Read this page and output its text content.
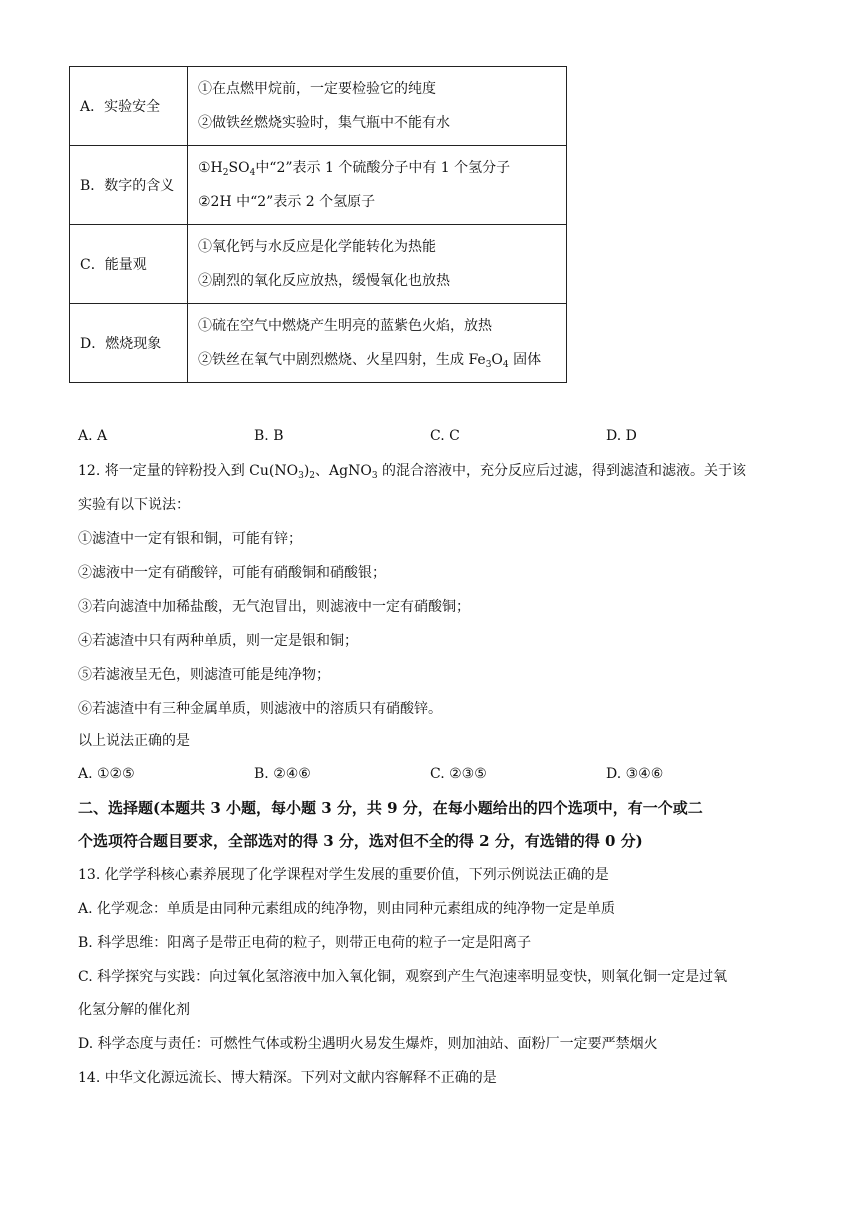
A．实验安全	①在点燃甲烷前，一定要检验它的纯度
②做铁丝燃烧实验时，集气瓶中不能有水

B．数字的含义	$①H_2SO_4$中“2”表示 1 个硫酸分子中有 1 个氢分子
②2H 中“2”表示 2 个氢原子

C．能量观	①氧化钙与水反应是化学能转化为热能
②剧烈的氧化反应放热，缓慢氧化也放热

D．燃烧现象	①硫在空气中燃烧产生明亮的蓝紫色火焰，放热
②铁丝在氧气中剧烈燃烧、火星四射，生成 $Fe_3O_4$ 固体
A. A	B. B	C. C	D. D
12. 将一定量的锌粉投入到 $Cu(NO_3)_2$、AgNO$_3$ 的混合溶液中，充分反应后过滤，得到滤渣和滤液。关于该
实验有以下说法：
①滤渣中一定有银和铜，可能有锌；
②滤液中一定有硝酸锌，可能有硝酸铜和硝酸银；
③若向滤渣中加稀盐酸，无气泡冒出，则滤液中一定有硝酸铜；
④若滤渣中只有两种单质，则一定是银和铜；
⑤若滤液呈无色，则滤渣可能是纯净物；
⑥若滤渣中有三种金属单质，则滤液中的溶质只有硝酸锌。
以上说法正确的是
A. ①②⑤	B. ②④⑥	C. ②③⑤	D. ③④⑥
二、选择题(本题共 3 小题，每小题 3 分，共 9 分，在每小题给出的四个选项中，有一个或二
个选项符合题目要求，全部选对的得 3 分，选对但不全的得 2 分，有选错的得 0 分)
13. 化学学科核心素养展现了化学课程对学生发展的重要价值，下列示例说法正确的是
A. 化学观念：单质是由同种元素组成的纯净物，则由同种元素组成的纯净物一定是单质
B. 科学思维：阳离子是带正电荷的粒子，则带正电荷的粒子一定是阳离子
C. 科学探究与实践：向过氧化氢溶液中加入氧化铜，观察到产生气泡速率明显变快，则氧化铜一定是过氧
化氢分解的催化剂
D. 科学态度与责任：可燃性气体或粉尘遇明火易发生爆炸，则加油站、面粉厂一定要严禁烟火
14. 中华文化源远流长、博大精深。下列对文献内容解释不正确的是
